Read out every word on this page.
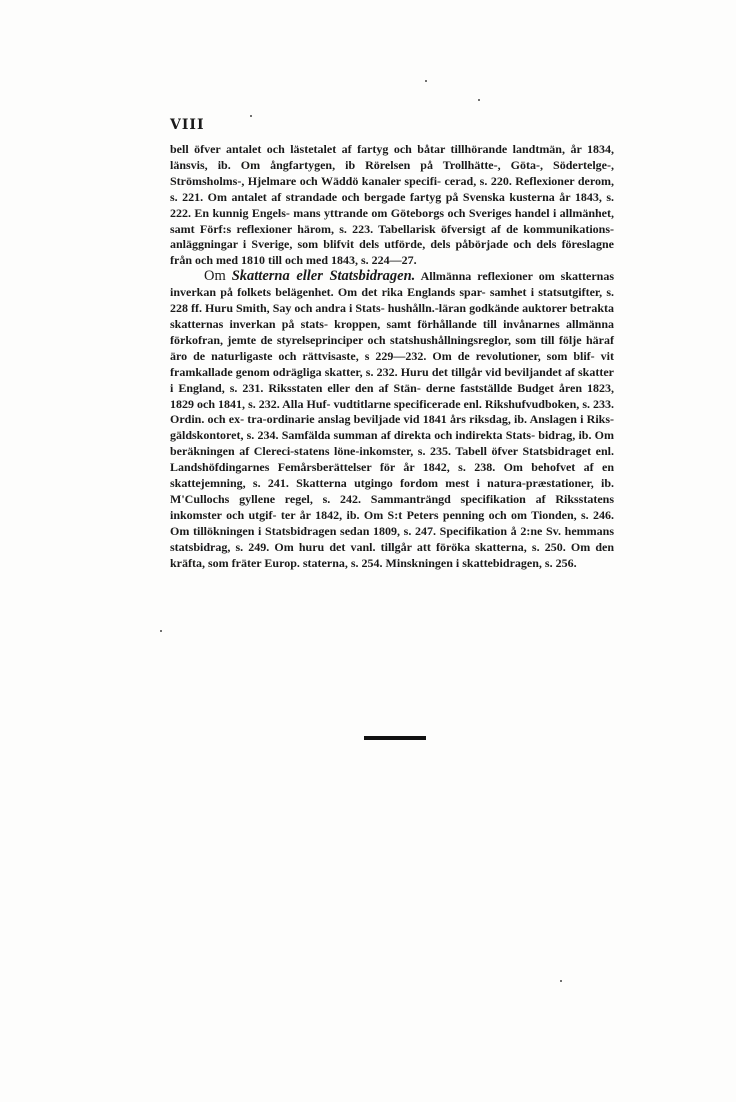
VIII

bell öfver antalet och lästetalet af fartyg och båtar tillhörande landtmän, år 1834, länsvis, ib. Om ångfartygen, ib Rörelsen på Trollhätte-, Göta-, Södertelge-, Strömsholms-, Hjelmare och Wäddö kanaler specifi- cerad, s. 220. Reflexioner derom, s. 221. Om antalet af strandade och bergade fartyg på Svenska kusterna år 1843, s. 222. En kunnig Engels- mans yttrande om Göteborgs och Sveriges handel i allmänhet, samt Förf:s reflexioner härom, s. 223. Tabellarisk öfversigt af de kommunikations- anläggningar i Sverige, som blifvit dels utförde, dels påbörjade och dels föreslagne från och med 1810 till och med 1843, s. 224—27.

Om Skatterna eller Statsbidragen. Allmänna reflexioner om skatternas inverkan på folkets belägenhet. Om det rika Englands spar- samhet i statsutgifter, s. 228 ff. Huru Smith, Say och andra i Stats- hushålln.-läran godkände auktorer betrakta skatternas inverkan på stats- kroppen, samt förhållande till invånarnes allmänna förkofran, jemte de styrelseprinciper och statshushållningsreglor, som till följe häraf äro de naturligaste och rättvisaste, s 229—232. Om de revolutioner, som blif- vit framkallade genom odrägliga skatter, s. 232. Huru det tillgår vid beviljandet af skatter i England, s. 231. Riksstaten eller den af Stän- derne fastställde Budget åren 1823, 1829 och 1841, s. 232. Alla Huf- vudtitlarne specificerade enl. Rikshufvudboken, s. 233. Ordin. och ex- tra-ordinarie anslag beviljade vid 1841 års riksdag, ib. Anslagen i Riks- gäldskontoret, s. 234. Samfälda summan af direkta och indirekta Stats- bidrag, ib. Om beräkningen af Clereci-statens löne-inkomster, s. 235. Tabell öfver Statsbidraget enl. Landshöfdingarnes Femårsberättelser för år 1842, s. 238. Om behofvet af en skattejemning, s. 241. Skatterna utgingo fordom mest i natura-præstationer, ib. M'Cullochs gyllene regel, s. 242. Sammanträngd specifikation af Riksstatens inkomster och utgif- ter år 1842, ib. Om S:t Peters penning och om Tionden, s. 246. Om tillökningen i Statsbidragen sedan 1809, s. 247. Specifikation å 2:ne Sv. hemmans statsbidrag, s. 249. Om huru det vanl. tillgår att föröka skatterna, s. 250. Om den kräfta, som fräter Europ. staterna, s. 254. Minskningen i skattebidragen, s. 256.
